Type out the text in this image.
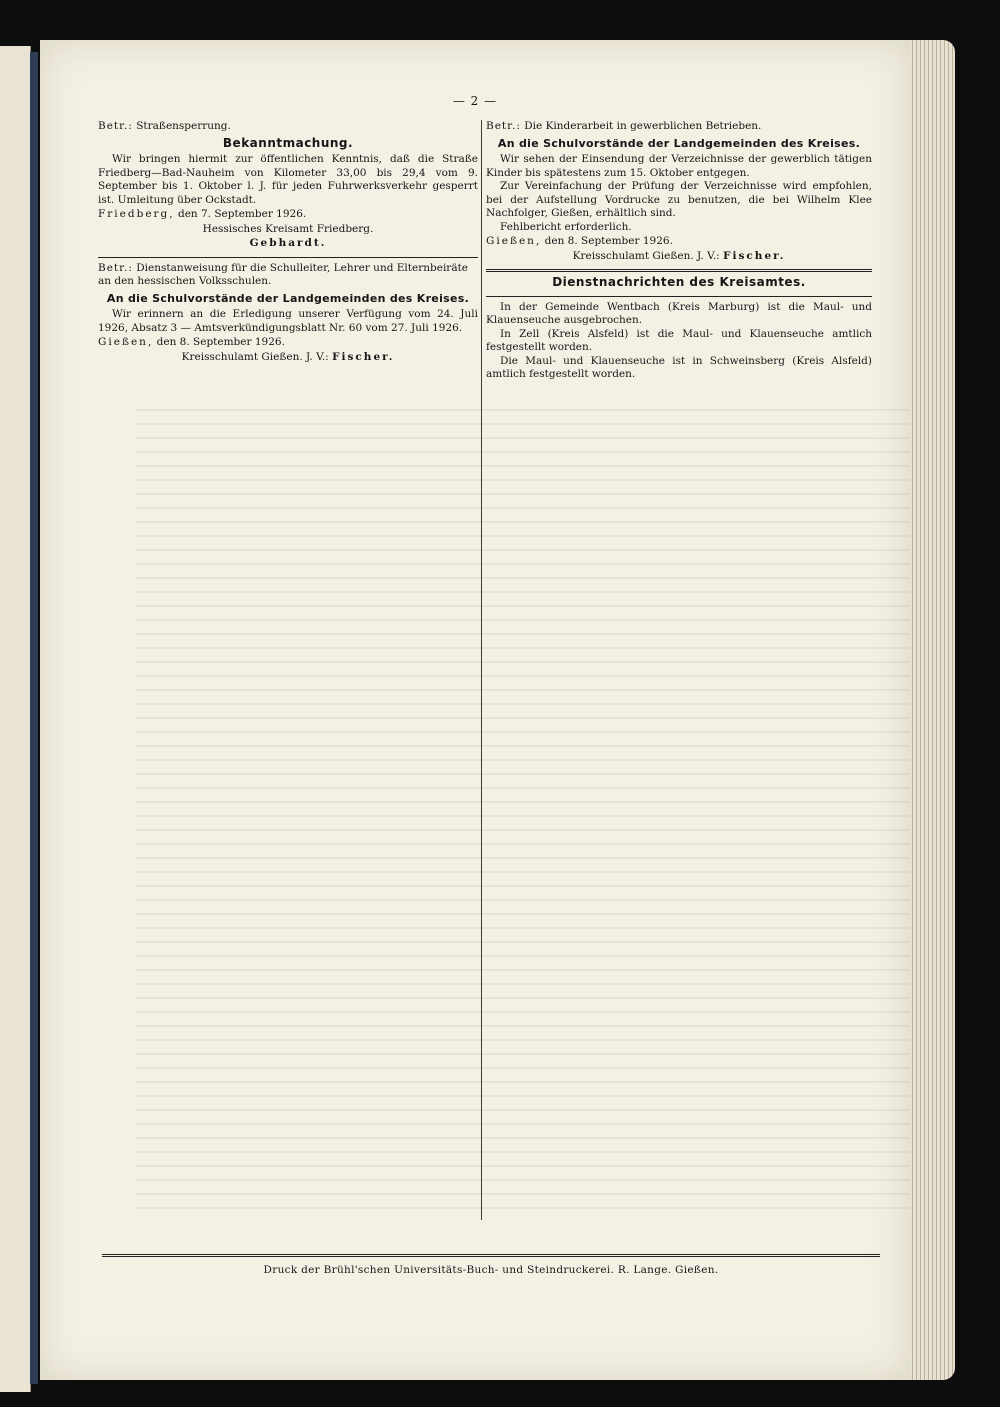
— 2 —

Betr.: Straßensperrung.

Bekanntmachung.

Wir bringen hiermit zur öffentlichen Kenntnis, daß die Straße Friedberg—Bad-Nauheim von Kilometer 33,00 bis 29,4 vom 9. September bis 1. Oktober l. J. für jeden Fuhrwerksverkehr gesperrt ist. Umleitung über Ockstadt.

Friedberg, den 7. September 1926.

Hessisches Kreisamt Friedberg.

Gebhardt.

Betr.: Dienstanweisung für die Schulleiter, Lehrer und Elternbeiräte an den hessischen Volksschulen.

An die Schulvorstände der Landgemeinden des Kreises.

Wir erinnern an die Erledigung unserer Verfügung vom 24. Juli 1926, Absatz 3 — Amtsverkündigungsblatt Nr. 60 vom 27. Juli 1926.

Gießen, den 8. September 1926.

Kreisschulamt Gießen. J. V.: Fischer.

Betr.: Die Kinderarbeit in gewerblichen Betrieben.

An die Schulvorstände der Landgemeinden des Kreises.

Wir sehen der Einsendung der Verzeichnisse der gewerblich tätigen Kinder bis spätestens zum 15. Oktober entgegen.

Zur Vereinfachung der Prüfung der Verzeichnisse wird empfohlen, bei der Aufstellung Vordrucke zu benutzen, die bei Wilhelm Klee Nachfolger, Gießen, erhältlich sind.

Fehlbericht erforderlich.

Gießen, den 8. September 1926.

Kreisschulamt Gießen. J. V.: Fischer.

Dienstnachrichten des Kreisamtes.

In der Gemeinde Wentbach (Kreis Marburg) ist die Maul- und Klauenseuche ausgebrochen.

In Zell (Kreis Alsfeld) ist die Maul- und Klauenseuche amtlich festgestellt worden.

Die Maul- und Klauenseuche ist in Schweinsberg (Kreis Alsfeld) amtlich festgestellt worden.

Druck der Brühl'schen Universitäts-Buch- und Steindruckerei. R. Lange. Gießen.
